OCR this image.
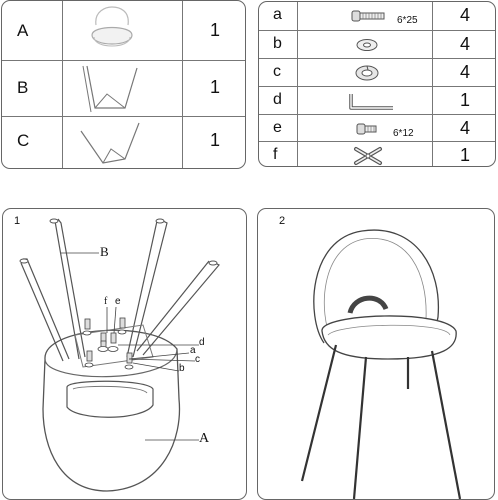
A	1
B	1
C	1
a	6*25	4
b	4
c	4
d	1
e	6*12	4
f	1
1
B
f e
d
a
c
b
A
2
